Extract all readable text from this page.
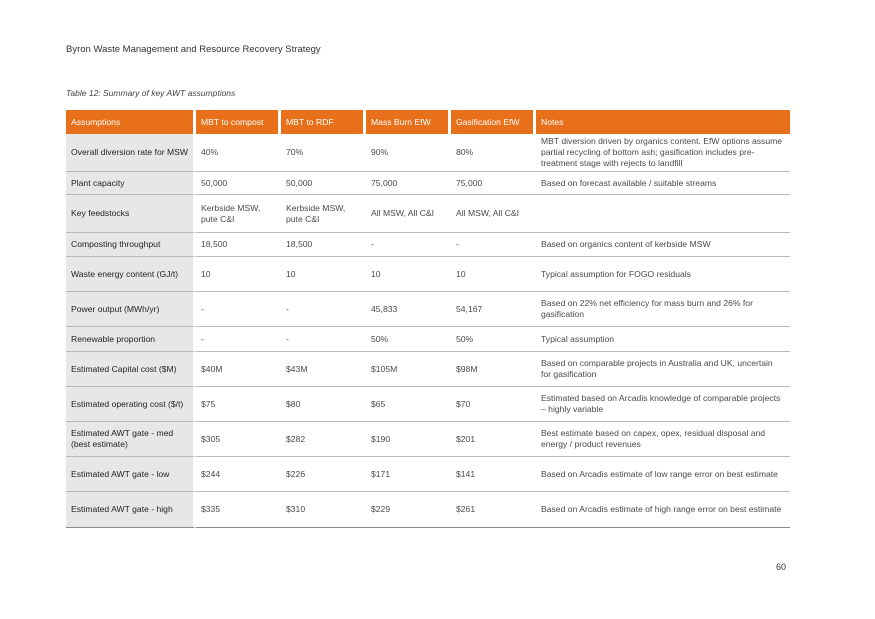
Byron Waste Management and Resource Recovery Strategy
Table 12: Summary of key AWT assumptions
Assumptions	MBT to compost	MBT to RDF	Mass Burn EfW	Gasification EfW	Notes
Overall diversion rate for MSW	40%	70%	90%	80%	MBT diversion driven by organics content. EfW options assume partial recycling of bottom ash; gasification includes pre-treatment stage with rejects to landfill
Plant capacity	50,000	50,000	75,000	75,000	Based on forecast available / suitable streams
Key feedstocks	Kerbside MSW, pute C&I	Kerbside MSW, pute C&I	All MSW, All C&I	All MSW, All C&I	
Composting throughput	18,500	18,500	-	-	Based on organics content of kerbside MSW
Waste energy content (GJ/t)	10	10	10	10	Typical assumption for FOGO residuals
Power output (MWh/yr)	-	-	45,833	54,167	Based on 22% net efficiency for mass burn and 26% for gasification
Renewable proportion	-	-	50%	50%	Typical assumption
Estimated Capital cost ($M)	$40M	$43M	$105M	$98M	Based on comparable projects in Australia and UK, uncertain for gasification
Estimated operating cost ($/t)	$75	$80	$65	$70	Estimated based on Arcadis knowledge of comparable projects – highly variable
Estimated AWT gate - med (best estimate)	$305	$282	$190	$201	Best estimate based on capex, opex, residual disposal and energy / product revenues
Estimated AWT gate - low	$244	$226	$171	$141	Based on Arcadis estimate of low range error on best estimate
Estimated AWT gate - high	$335	$310	$229	$261	Based on Arcadis estimate of high range error on best estimate
60
